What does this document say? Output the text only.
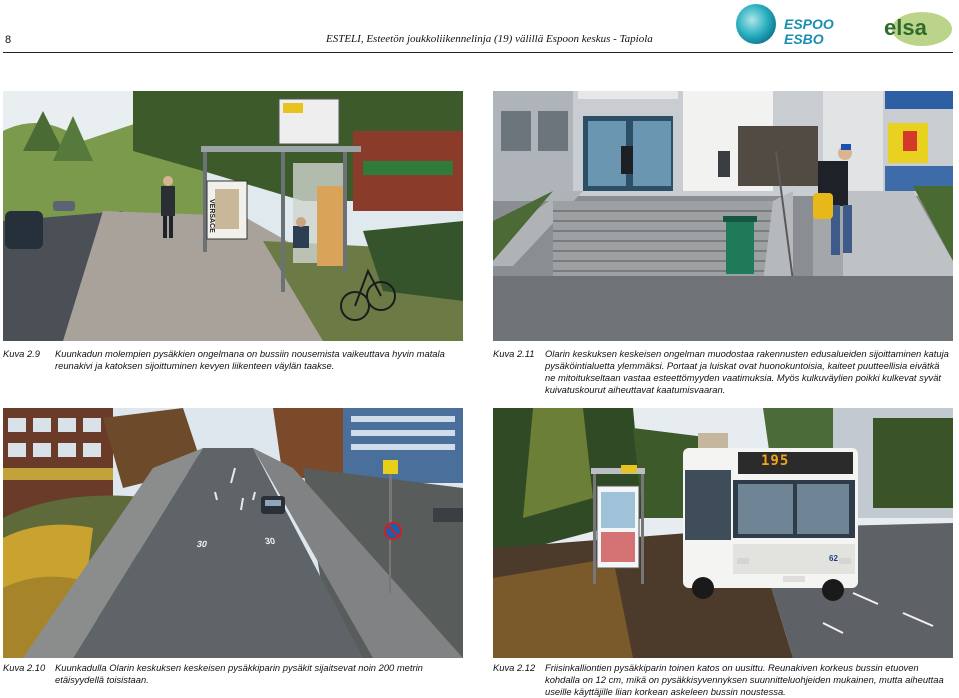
8	ESTELI, Esteetön joukkoliikennelinja (19) välillä Espoon keskus - Tapiola
ESPOO
ESBO	elsa
VERSACE
30	30
195
62
Kuva 2.9 Kuunkadun molempien pysäkkien ongelmana on bussiin nousemista vaikeuttava hyvin matala reunakivi ja katoksen sijoittuminen kevyen liikenteen väylän taakse.
Kuva 2.11 Olarin keskuksen keskeisen ongelman muodostaa rakennusten edusalueiden sijoittaminen katuja pysäköintialuetta ylemmäksi. Portaat ja luiskat ovat huonokuntoisia, kaiteet puutteellisia eivätkä ne mitoitukseltaan vastaa esteettömyyden vaatimuksia. Myös kulkuväylien poikki kulkevat syvät kuivatuskourut aiheuttavat kaatumisvaaran.
Kuva 2.10 Kuunkadulla Olarin keskuksen keskeisen pysäkkiparin pysäkit sijaitsevat noin 200 metrin etäisyydellä toisistaan.
Kuva 2.12 Friisinkalliontien pysäkkiparin toinen katos on uusittu. Reunakiven korkeus bussin etuoven kohdalla on 12 cm, mikä on pysäkkisyvennyksen suunnitteluohjeiden mukainen, mutta aiheuttaa useille käyttäjille liian korkean askeleen bussin noustessa.
